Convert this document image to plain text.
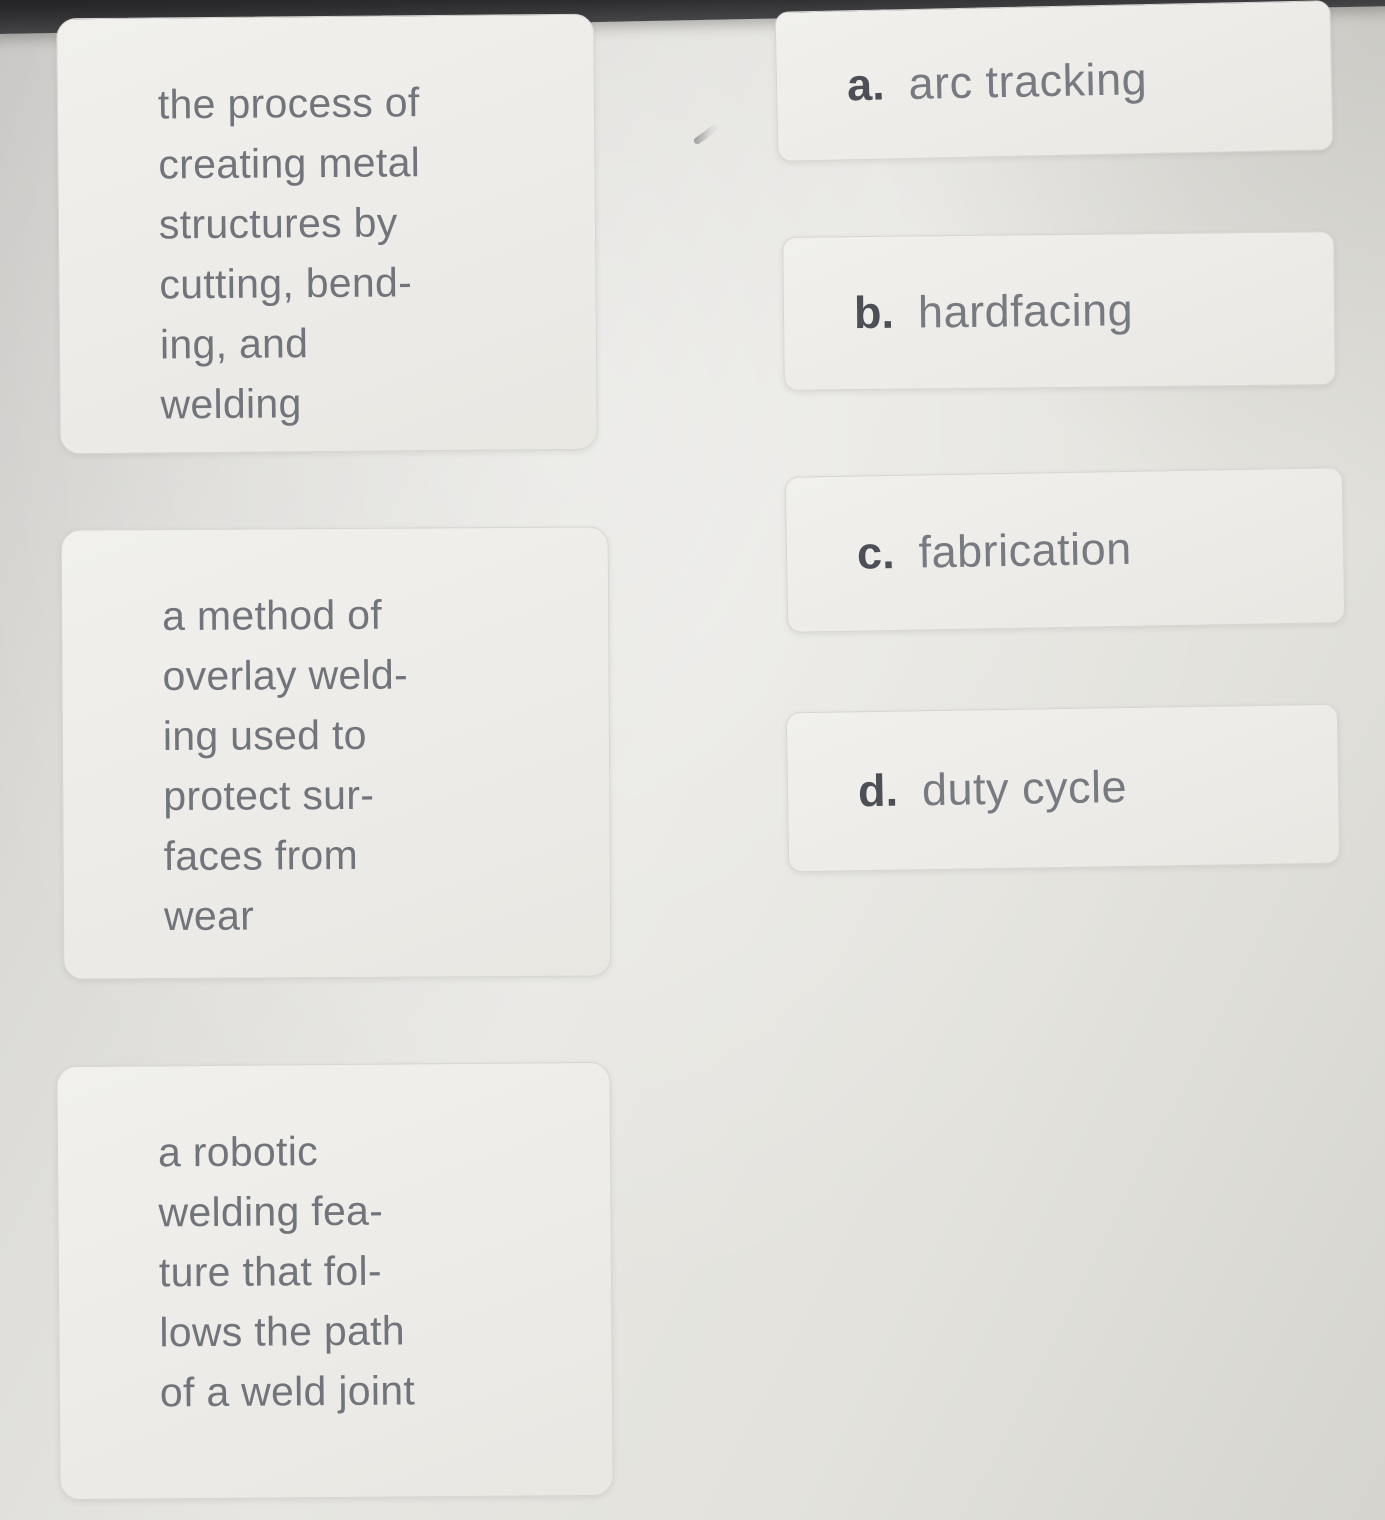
the process of
creating metal
structures by
cutting, bend-
ing, and
welding
a method of
overlay weld-
ing used to
protect sur-
faces from
wear
a robotic
welding fea-
ture that fol-
lows the path
of a weld joint
a. arc tracking
b. hardfacing
c. fabrication
d. duty cycle
